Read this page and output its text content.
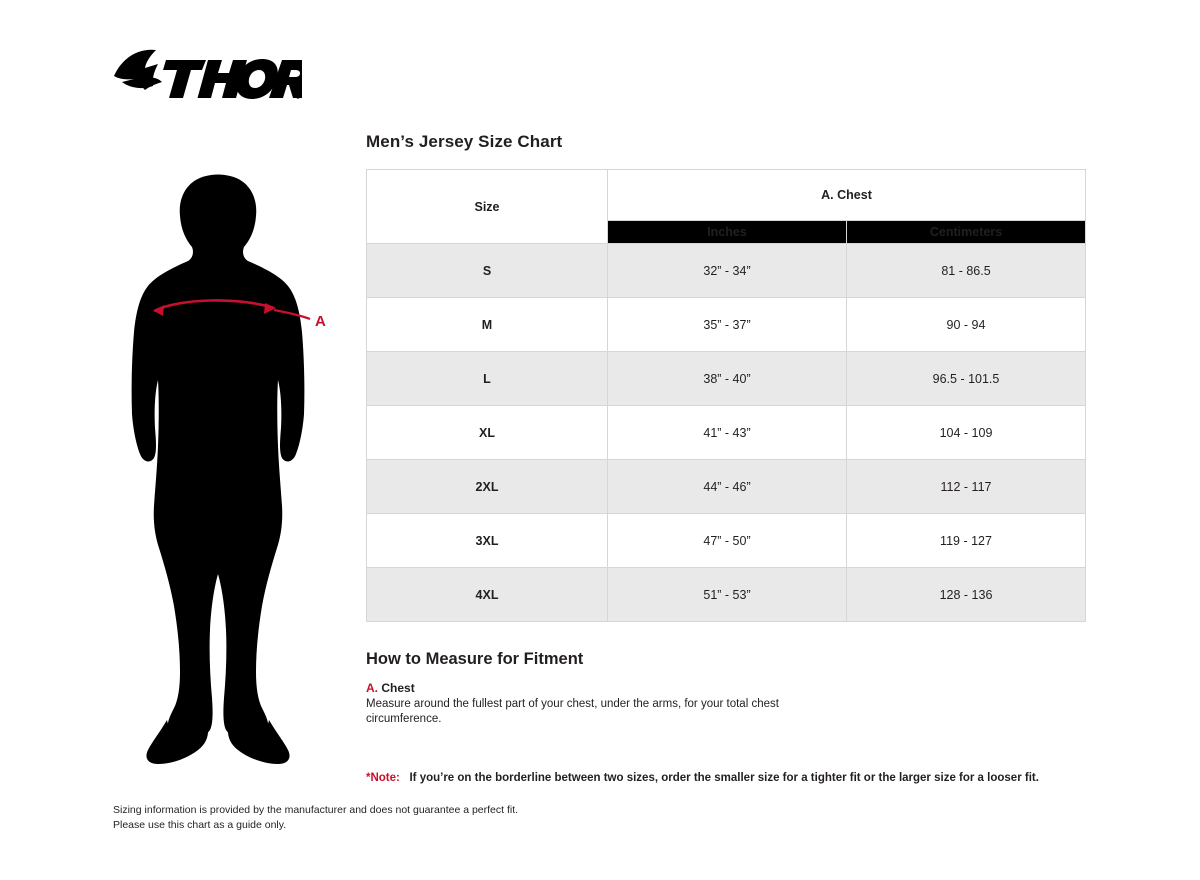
A
Men’s Jersey Size Chart
Size	A. Chest	
	Inches	Centimeters
S	32” - 34”	81 - 86.5
M	35” - 37”	90 - 94
L	38” - 40”	96.5 - 101.5
XL	41” - 43”	104 - 109
2XL	44” - 46”	112 - 117
3XL	47” - 50”	119 - 127
4XL	51” - 53”	128 - 136
How to Measure for Fitment
A. Chest
Measure around the fullest part of your chest, under the arms, for your total chest circumference.
*Note: If you’re on the borderline between two sizes, order the smaller size for a tighter fit or the larger size for a looser fit.
Sizing information is provided by the manufacturer and does not guarantee a perfect fit.
Please use this chart as a guide only.
